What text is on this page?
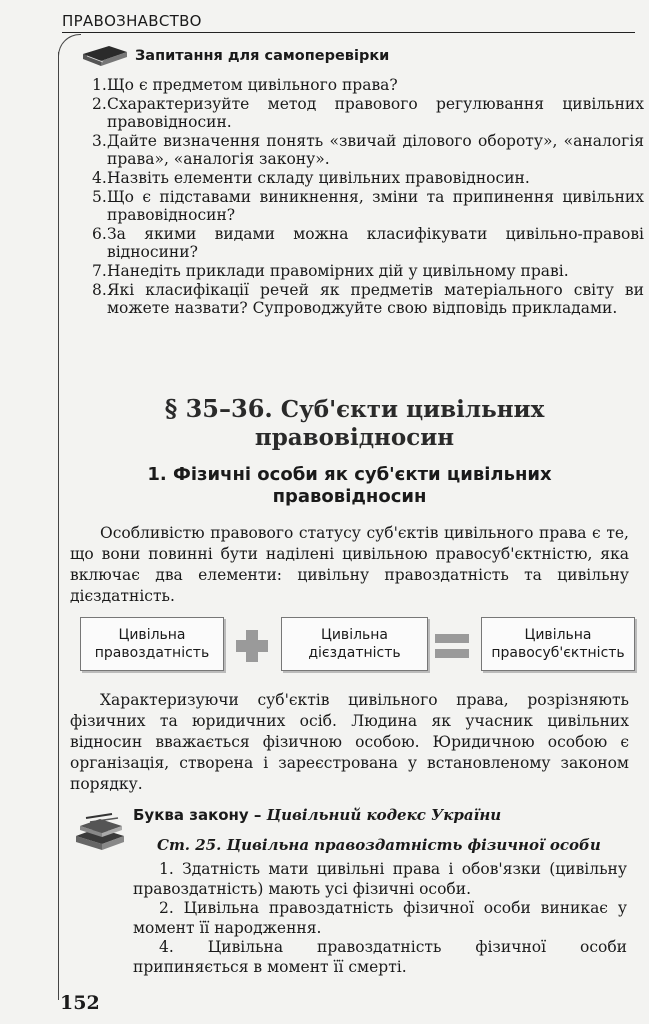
ПРАВОЗНАВСТВО
Запитання для самоперевірки
1. Що є предметом цивільного права?
2. Схарактеризуйте метод правового регулювання цивільних правовідносин.
3. Дайте визначення понять «звичай ділового обороту», «аналогія права», «аналогія закону».
4. Назвіть елементи складу цивільних правовідносин.
5. Що є підставами виникнення, зміни та припинення цивільних правовідносин?
6. За якими видами можна класифікувати цивільно-правові відносини?
7. Нанедіть приклади правомірних дій у цивільному праві.
8. Які класифікації речей як предметів матеріального світу ви можете назвати? Супроводжуйте свою відповідь прикладами.
§ 35–36. Суб'єкти цивільних
правовідносин
1. Фізичні особи як суб'єкти цивільних
правовідносин
Особливістю правового статусу суб'єктів цивільного права є те, що вони повинні бути наділені цивільною правосуб'єктністю, яка включає два елементи: цивільну правоздатність та цивільну дієздатність.
Цивільна
правоздатність
Цивільна
дієздатність
Цивільна
правосуб'єктність
Характеризуючи суб'єктів цивільного права, розрізняють фізичних та юридичних осіб. Людина як учасник цивільних відносин вважається фізичною особою. Юридичною особою є організація, створена і зареєстрована у встановленому законом порядку.
Буква закону – Цивільний кодекс України
Ст. 25. Цивільна правоздатність фізичної особи

1. Здатність мати цивільні права і обов'язки (цивільну правоздатність) мають усі фізичні особи.

2. Цивільна правоздатність фізичної особи виникає у момент її народження.

4. Цивільна правоздатність фізичної особи припиняється в момент її смерті.

152
